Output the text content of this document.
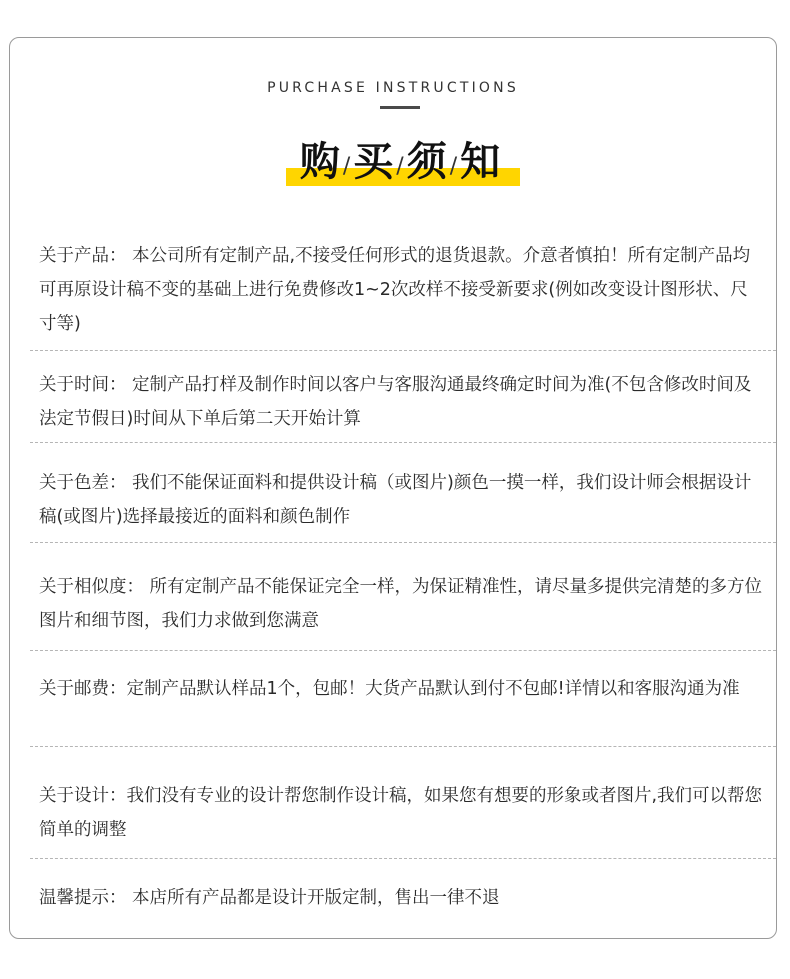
PURCHASE INSTRUCTIONS
购/买/须/知
关于产品： 本公司所有定制产品,不接受任何形式的退货退款。介意者慎拍！所有定制产品均可再原设计稿不变的基础上进行免费修改1~2次改样不接受新要求(例如改变设计图形状、尺寸等)
关于时间： 定制产品打样及制作时间以客户与客服沟通最终确定时间为准(不包含修改时间及法定节假日)时间从下单后第二天开始计算
关于色差： 我们不能保证面料和提供设计稿（或图片)颜色一摸一样，我们设计师会根据设计稿(或图片)选择最接近的面料和颜色制作
关于相似度： 所有定制产品不能保证完全一样，为保证精准性，请尽量多提供完清楚的多方位图片和细节图，我们力求做到您满意
关于邮费：定制产品默认样品1个，包邮！大货产品默认到付不包邮!详情以和客服沟通为准
关于设计：我们没有专业的设计帮您制作设计稿，如果您有想要的形象或者图片,我们可以帮您简单的调整
温馨提示： 本店所有产品都是设计开版定制，售出一律不退
